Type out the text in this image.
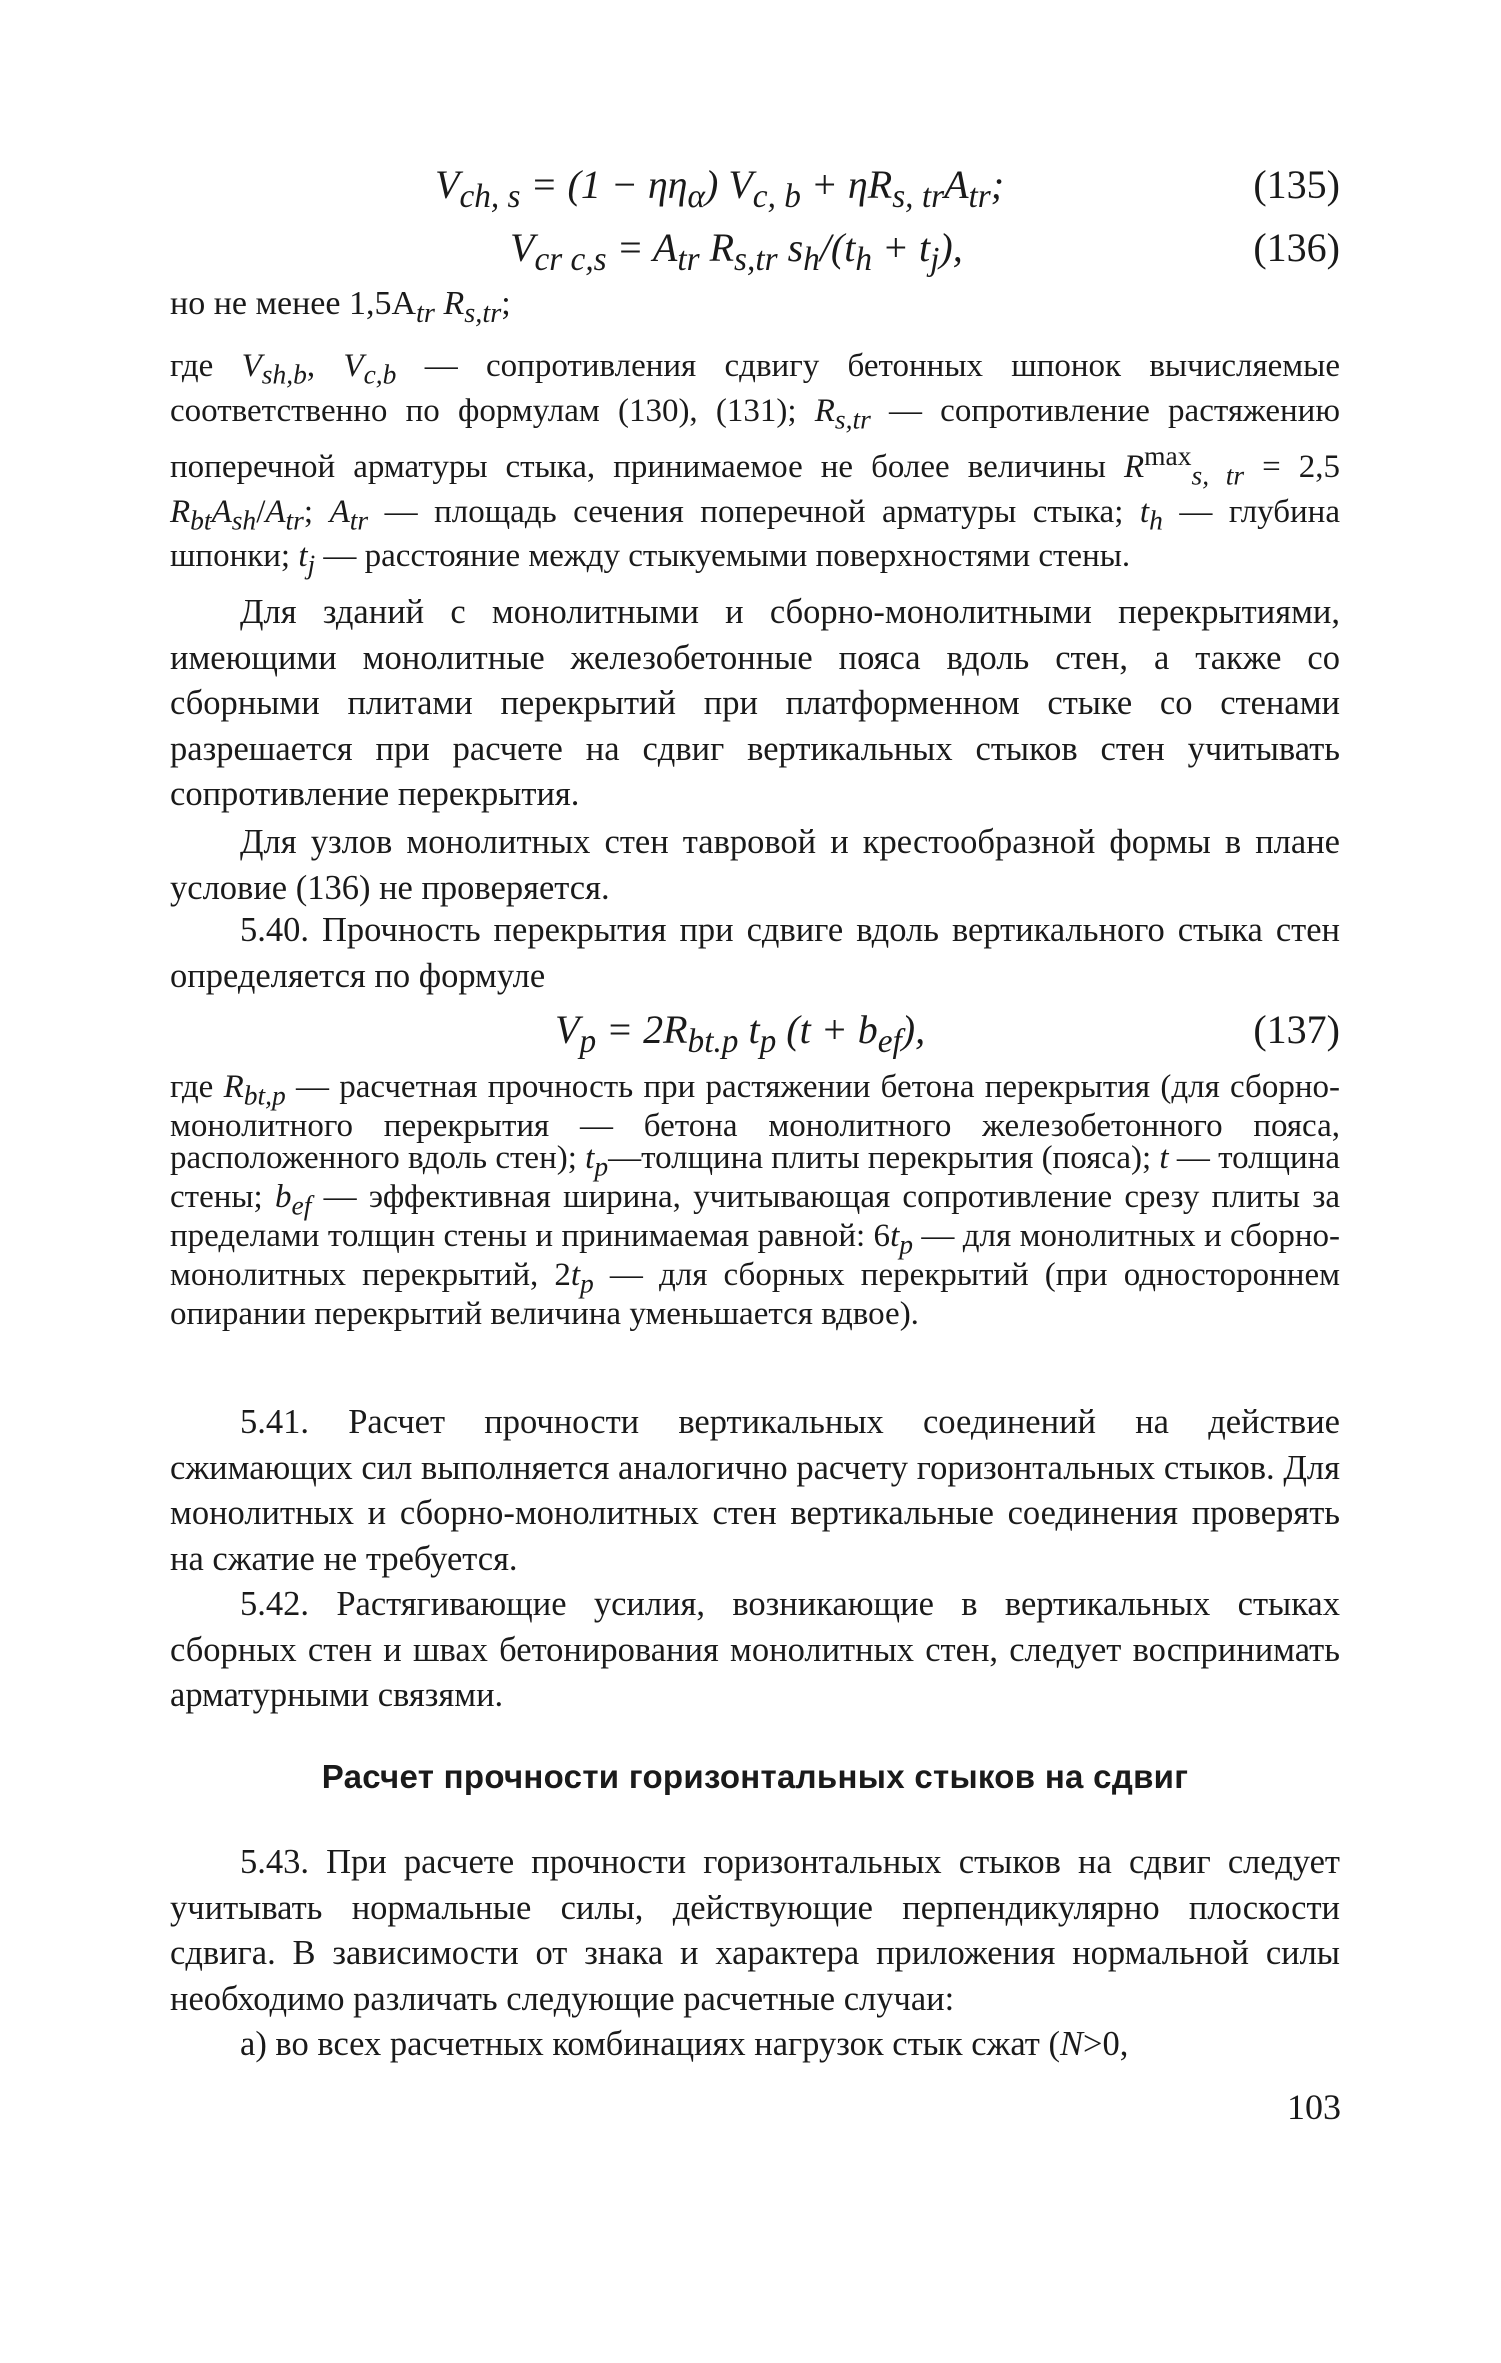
$V_{ch, s} = (1 - \eta\eta_\alpha) V_{c, b} + \eta R_{s, tr}A_{tr}$;	(135)
$V_{cr c,s} = A_{tr}$ $R_{s,tr}$ $s_h/(t_h + t_j)$,	(136)
но не менее $1,5A_{tr}$ $R_{s,tr}$;
где $V_{sh,b}$, $V_{c,b}$ — сопротивления сдвигу бетонных шпонок вычисляемые соответственно по формулам (130), (131); $R_{s,tr}$ — сопротивление растяжению поперечной арматуры стыка, принимаемое не более величины $R^{max}_{s, tr} = 2,5$ $R_{bt}A_{sh}/A_{tr}$; $A_{tr}$ — площадь сечения поперечной арматуры стыка; $t_h$ — глубина шпонки; $t_j$ — расстояние между стыкуемыми поверхностями стены.
Для зданий с монолитными и сборно-монолитными перекрытиями, имеющими монолитные железобетонные пояса вдоль стен, а также со сборными плитами перекрытий при платформенном стыке со стенами разрешается при расчете на сдвиг вертикальных стыков стен учитывать сопротивление перекрытия.
Для узлов монолитных стен тавровой и крестообразной формы в плане условие (136) не проверяется.
5.40. Прочность перекрытия при сдвиге вдоль вертикального стыка стен определяется по формуле
$V_p = 2R_{bt.p}$ $t_p$ $(t + b_{ef})$,	(137)
где $R_{bt,p}$ — расчетная прочность при растяжении бетона перекрытия (для сборно-монолитного перекрытия — бетона монолитного железобетонного пояса, расположенного вдоль стен); $t_p—толщина$ плиты перекрытия (пояса); t — толщина стены; $b_{ef}$ — эффективная ширина, учитывающая сопротивление срезу плиты за пределами толщин стены и принимаемая равной: $6t_p$ — для монолитных и сборно-монолитных перекрытий, $2t_p$ — для сборных перекрытий (при одностороннем опирании перекрытий величина уменьшается вдвое).
5.41. Расчет прочности вертикальных соединений на действие сжимающих сил выполняется аналогично расчету горизонтальных стыков. Для монолитных и сборно-монолитных стен вертикальные соединения проверять на сжатие не требуется.
5.42. Растягивающие усилия, возникающие в вертикальных стыках сборных стен и швах бетонирования монолитных стен, следует воспринимать арматурными связями.
Расчет прочности горизонтальных стыков на сдвиг
5.43. При расчете прочности горизонтальных стыков на сдвиг следует учитывать нормальные силы, действующие перпендикулярно плоскости сдвига. В зависимости от знака и характера приложения нормальной силы необходимо различать следующие расчетные случаи:
а) во всех расчетных комбинациях нагрузок стык сжат (N>0,
103
